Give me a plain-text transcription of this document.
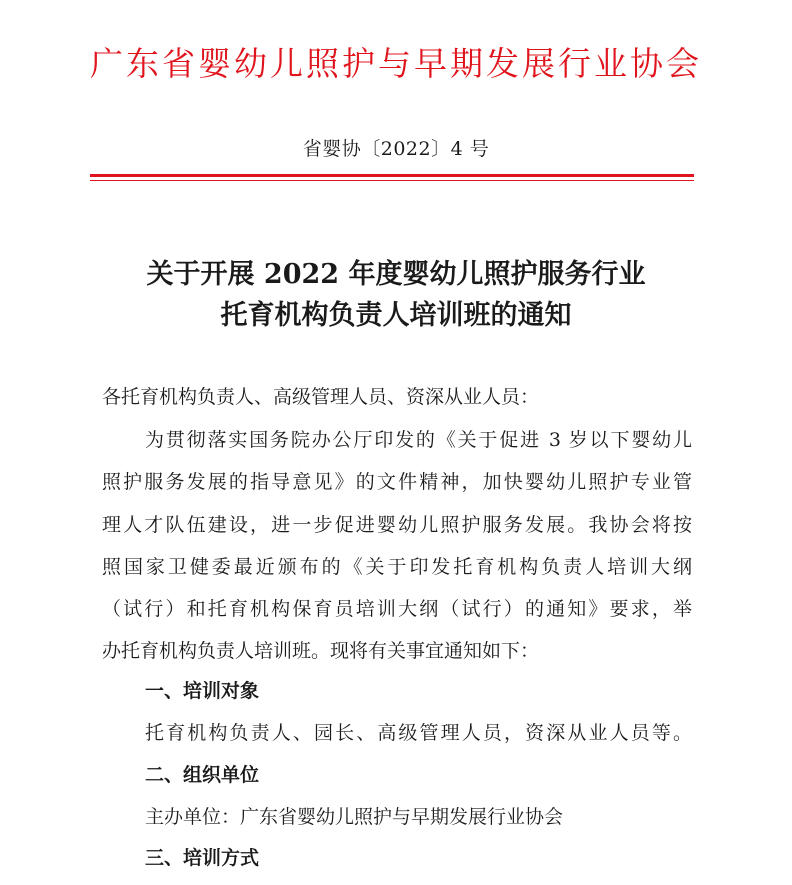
广东省婴幼儿照护与早期发展行业协会
省婴协〔2022〕4 号
关于开展 2022 年度婴幼儿照护服务行业
托育机构负责人培训班的通知
各托育机构负责人、高级管理人员、资深从业人员：
为贯彻落实国务院办公厅印发的《关于促进 3 岁以下婴幼儿
照护服务发展的指导意见》的文件精神，加快婴幼儿照护专业管
理人才队伍建设，进一步促进婴幼儿照护服务发展。我协会将按
照国家卫健委最近颁布的《关于印发托育机构负责人培训大纲
（试行）和托育机构保育员培训大纲（试行）的通知》要求，举
办托育机构负责人培训班。现将有关事宜通知如下：
一、培训对象
托育机构负责人、园长、高级管理人员，资深从业人员等。
二、组织单位
主办单位：广东省婴幼儿照护与早期发展行业协会
三、培训方式
